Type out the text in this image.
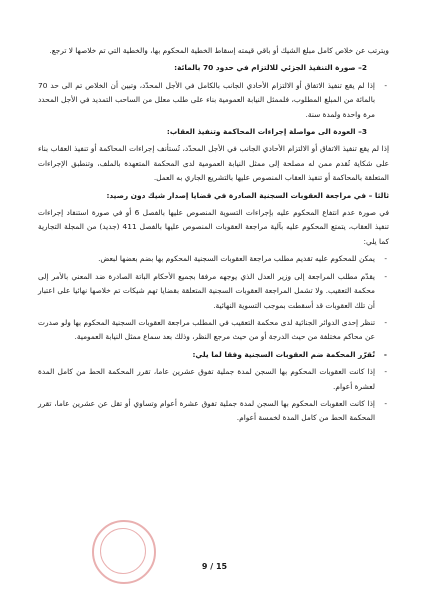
ويترتب عن خلاص كامل مبلغ الشيك أو باقي قيمته إسقاط الخطية المحكوم بها، والخطية التي تم خلاصها لا ترجع.

2– صورة التنفيذ الجزئي للالتزام في حدود 70 بالمائة:

- إذا لم يقع تنفيذ الاتفاق أو الالتزام الأحادي الجانب بالكامل في الأجل المحدّد، وتبين أن الخلاص تم الى حد 70 بالمائة من المبلغ المطلوب، فلممثل النيابة العمومية بناء على طلب معلل من الساحب التمديد في الأجل المحدد مرة واحدة ولمدة سنة.

3– العودة الى مواصلة إجراءات المحاكمة وتنفيذ العقاب:

إذا لم يقع تنفيذ الاتفاق أو الالتزام الأحادي الجانب في الأجل المحدّد، تُستأنف إجراءات المحاكمة أو تنفيذ العقاب بناء على شكاية تُقدم ممن له مصلحة إلى ممثل النيابة العمومية لدى المحكمة المتعهدة بالملف، وتنطبق الإجراءات المتعلقة بالمحاكمة أو تنفيذ العقاب المنصوص عليها بالتشريع الجاري به العمل.

ثالثا – في مراجعة العقوبات السجنية الصادرة في قضايا إصدار شيك دون رصيد:

في صورة عدم انتفاع المحكوم عليه بإجراءات التسوية المنصوص عليها بالفصل 6 أو في صورة استنفاد إجراءات تنفيذ العقاب، يتمتع المحكوم عليه بآلية مراجعة العقوبات المنصوص عليها بالفصل 411 (جديد) من المجلة التجارية كما يلي:

- يمكن للمحكوم عليه تقديم مطلب مراجعة العقوبات السجنية المحكوم بها بضم بعضها لبعض.
- يقدّم مطلب المراجعة إلى وزير العدل الذي يوجهه مرفقا بجميع الأحكام الباتة الصادرة ضد المعني بالأمر إلى محكمة التعقيب. ولا تشمل المراجعة العقوبات السجنية المتعلقة بقضايا تهم شيكات تم خلاصها نهائيا على اعتبار أن تلك العقوبات قد أسقطت بموجب التسوية النهائية.
- تنظر إحدى الدوائر الجنائية لدى محكمة التعقيب في المطلب مراجعة العقوبات السجنية المحكوم بها ولو صدرت عن محاكم مختلفة من حيث الدرجة أو من حيث مرجع النظر، وذلك بعد سماع ممثل النيابة العمومية.
- تُقرّر المحكمة ضم العقوبات السجنية وفقا لما يلي:
- إذا كانت العقوبات المحكوم بها السجن لمدة جملية تفوق عشرين عاما، تقرر المحكمة الحط من كامل المدة لعشرة أعوام.
- إذا كانت العقوبات المحكوم بها السجن لمدة جملية تفوق عشرة أعوام وتساوي أو تقل عن عشرين عاما، تقرر المحكمة الحط من كامل المدة لخمسة أعوام.
9 / 15
